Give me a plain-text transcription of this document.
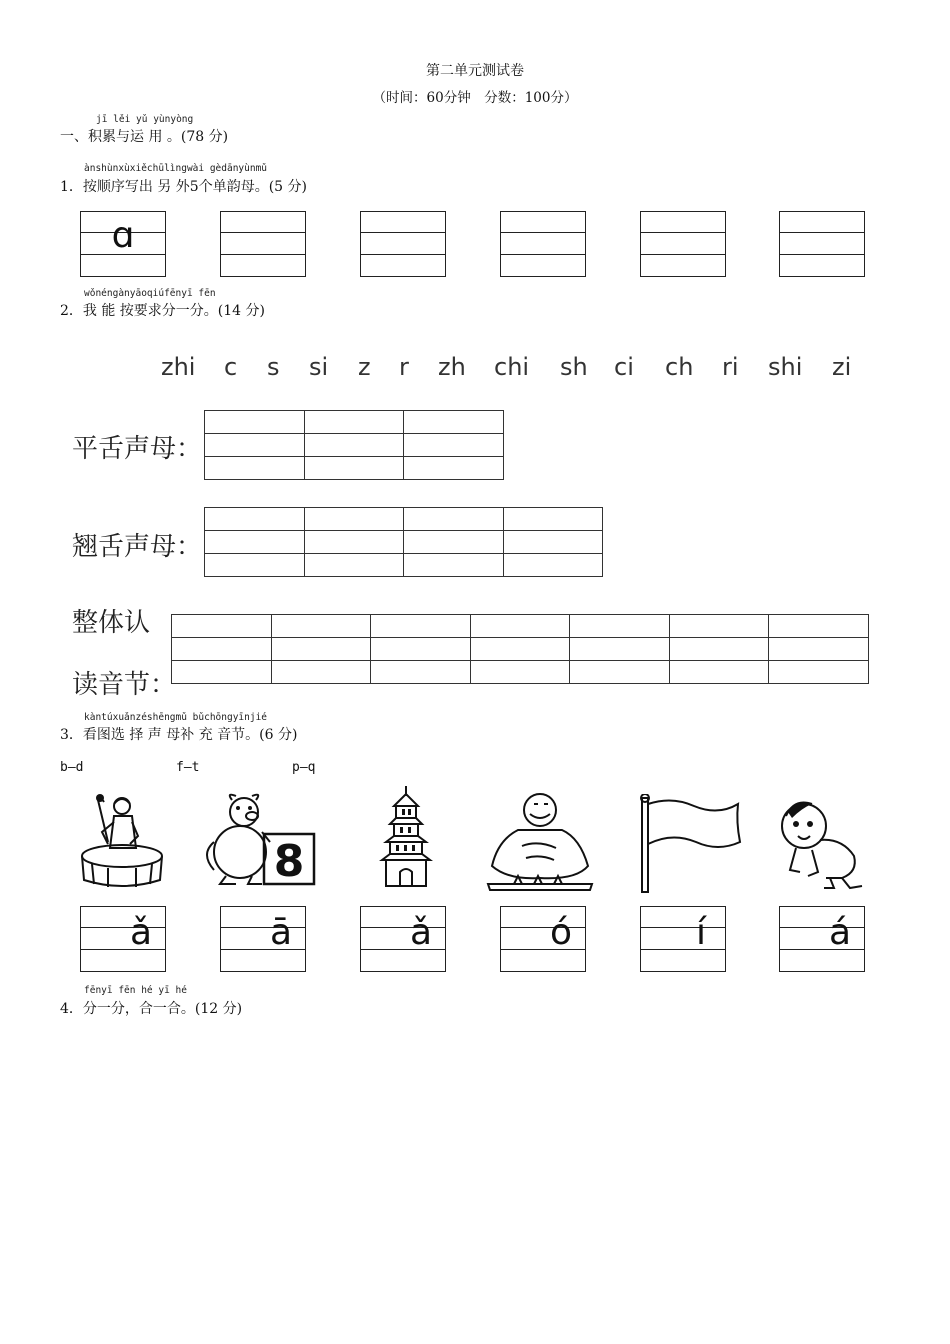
第二单元测试卷
（时间：60分钟　分数：100分）
jī lěi yǔ yùnyòng
一、积累与运 用 。(78 分)
ànshùnxùxiěchūlìngwài gèdānyùnmǔ
1．按顺序写出 另 外5个单韵母。(5 分)
ɑ
wǒnéngànyāoqiúfēnyī fēn
2．我 能 按要求分一分。(14 分)
zhi c s si z r zh chi sh ci ch ri shi zi
平舌声母：

翘舌声母：

整体认
读音节：

kàntúxuǎnzéshēngmǔ bǔchōngyīnjié
3．看图选 择 声 母补 充 音节。(6 分)
b—d	f—t	p—q
8
ǎ	ā	ǎ	ó	í	á
fēnyī fēn hé yī hé
4．分一分，合一合。(12 分)
